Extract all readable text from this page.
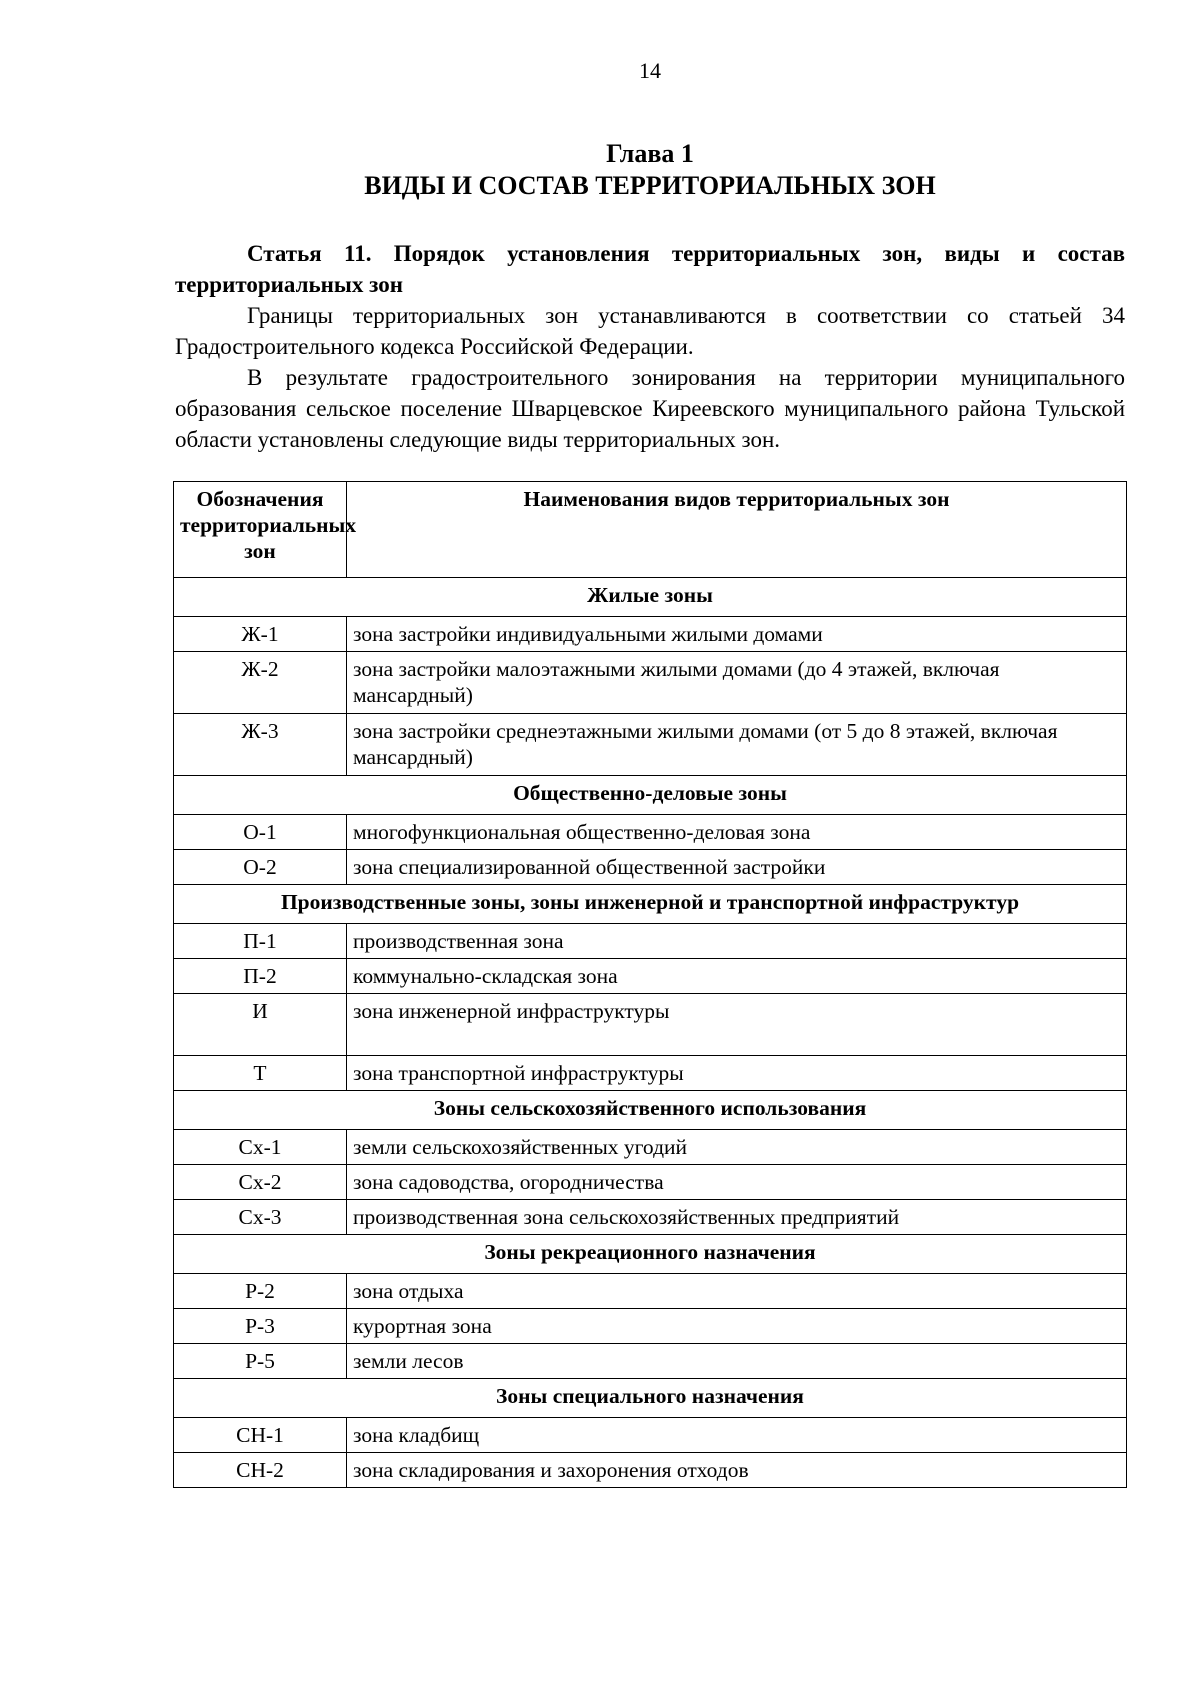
14
Глава 1
ВИДЫ И СОСТАВ ТЕРРИТОРИАЛЬНЫХ ЗОН

Статья 11. Порядок установления территориальных зон, виды и состав территориальных зон

Границы территориальных зон устанавливаются в соответствии со статьей 34 Градостроительного кодекса Российской Федерации.

В результате градостроительного зонирования на территории муниципального образования сельское поселение Шварцевское Киреевского муниципального района Тульской области установлены следующие виды территориальных зон.

Обозначения территориальных зон	Наименования видов территориальных зон
Жилые зоны	
Ж-1	зона застройки индивидуальными жилыми домами
Ж-2	зона застройки малоэтажными жилыми домами (до 4 этажей, включая мансардный)
Ж-3	зона застройки среднеэтажными жилыми домами (от 5 до 8 этажей, включая мансардный)
Общественно-деловые зоны	
О-1	многофункциональная общественно-деловая зона
О-2	зона специализированной общественной застройки
Производственные зоны, зоны инженерной и транспортной инфраструктур	
П-1	производственная зона
П-2	коммунально-складская зона
И	зона инженерной инфраструктуры
Т	зона транспортной инфраструктуры
Зоны сельскохозяйственного использования	
Сх-1	земли сельскохозяйственных угодий
Сх-2	зона садоводства, огородничества
Сх-3	производственная зона сельскохозяйственных предприятий
Зоны рекреационного назначения	
Р-2	зона отдыха
Р-3	курортная зона
Р-5	земли лесов
Зоны специального назначения	
СН-1	зона кладбищ
СН-2	зона складирования и захоронения отходов
